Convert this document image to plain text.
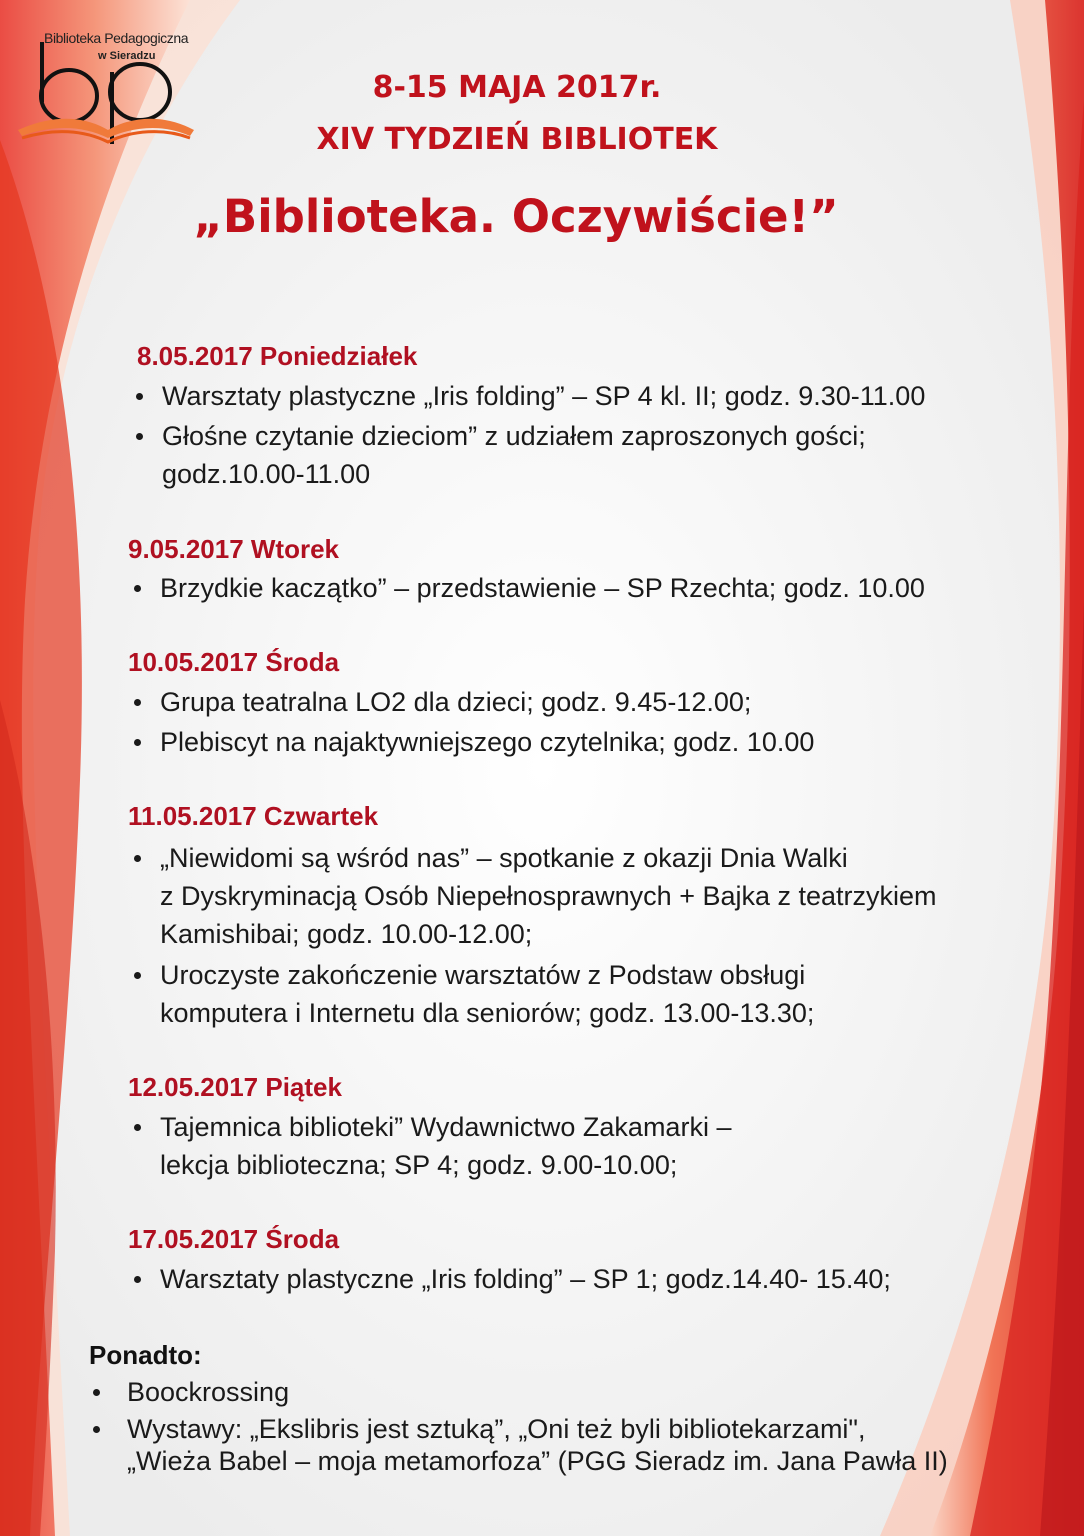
Biblioteka Pedagogiczna
w Sieradzu
8-15 MAJA 2017r.
XIV TYDZIEŃ BIBLIOTEK
„Biblioteka. Oczywiście!”
8.05.2017 Poniedziałek
Warsztaty plastyczne „Iris folding” – SP 4 kl. II; godz. 9.30-11.00
Głośne czytanie dzieciom” z udziałem zaproszonych gości;
godz.10.00-11.00
9.05.2017 Wtorek
Brzydkie kaczątko” – przedstawienie – SP Rzechta; godz. 10.00
10.05.2017 Środa
Grupa teatralna LO2 dla dzieci; godz. 9.45-12.00;
Plebiscyt na najaktywniejszego czytelnika; godz. 10.00
11.05.2017 Czwartek
„Niewidomi są wśród nas” – spotkanie z okazji Dnia Walki
z Dyskryminacją Osób Niepełnosprawnych + Bajka z teatrzykiem
Kamishibai; godz. 10.00-12.00;
Uroczyste zakończenie warsztatów z Podstaw obsługi
komputera i Internetu dla seniorów; godz. 13.00-13.30;
12.05.2017 Piątek
Tajemnica biblioteki” Wydawnictwo Zakamarki –
lekcja biblioteczna; SP 4; godz. 9.00-10.00;
17.05.2017 Środa
Warsztaty plastyczne „Iris folding” – SP 1; godz.14.40- 15.40;
Ponadto:
Boockrossing
Wystawy: „Ekslibris jest sztuką”, „Oni też byli bibliotekarzami",
„Wieża Babel – moja metamorfoza” (PGG Sieradz im. Jana Pawła II)
